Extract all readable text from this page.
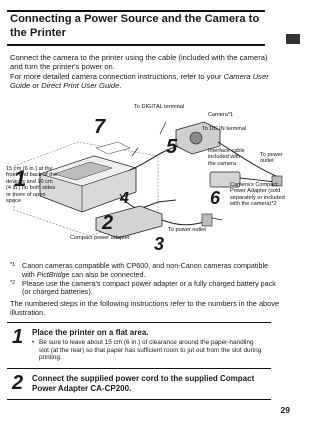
Connecting a Power Source and the Camera to
the Printer

Connect the camera to the printer using the cable (included with the camera)

and turn the printer's power on.

For more detailed camera connection instructions, refer to your Camera User

Guide or Direct Print User Guide.

1
2
3
4
5
6
7
To DIGITAL terminal
Camera*1
To DC IN terminal
Interface cable
included with
the camera
To power
outlet
15 cm (6 in.) at the
front and back of the
devices and 10 cm
(4 in.) on both sides
or more of open
space
Camera's Compact
Power Adapter (sold
separately or included
with the camera)*2
Compact power adapter
To power outlet

*1 Canon cameras compatible with CP600, and non-Canon cameras compatible with PictBridge can also be connected.

*2 Please use the camera's compact power adapter or a fully charged battery pack (or charged batteries).

The numbered steps in the following instructions refer to the numbers in the above illustration.

1 Place the printer on a flat area.
• Be sure to leave about 15 cm (6 in.) of clearance around the paper-handling slot (at the rear) so that paper has sufficient room to jut out from the slot during printing.
2 Connect the supplied power cord to the supplied Compact Power Adapter CA-CP200.
29
